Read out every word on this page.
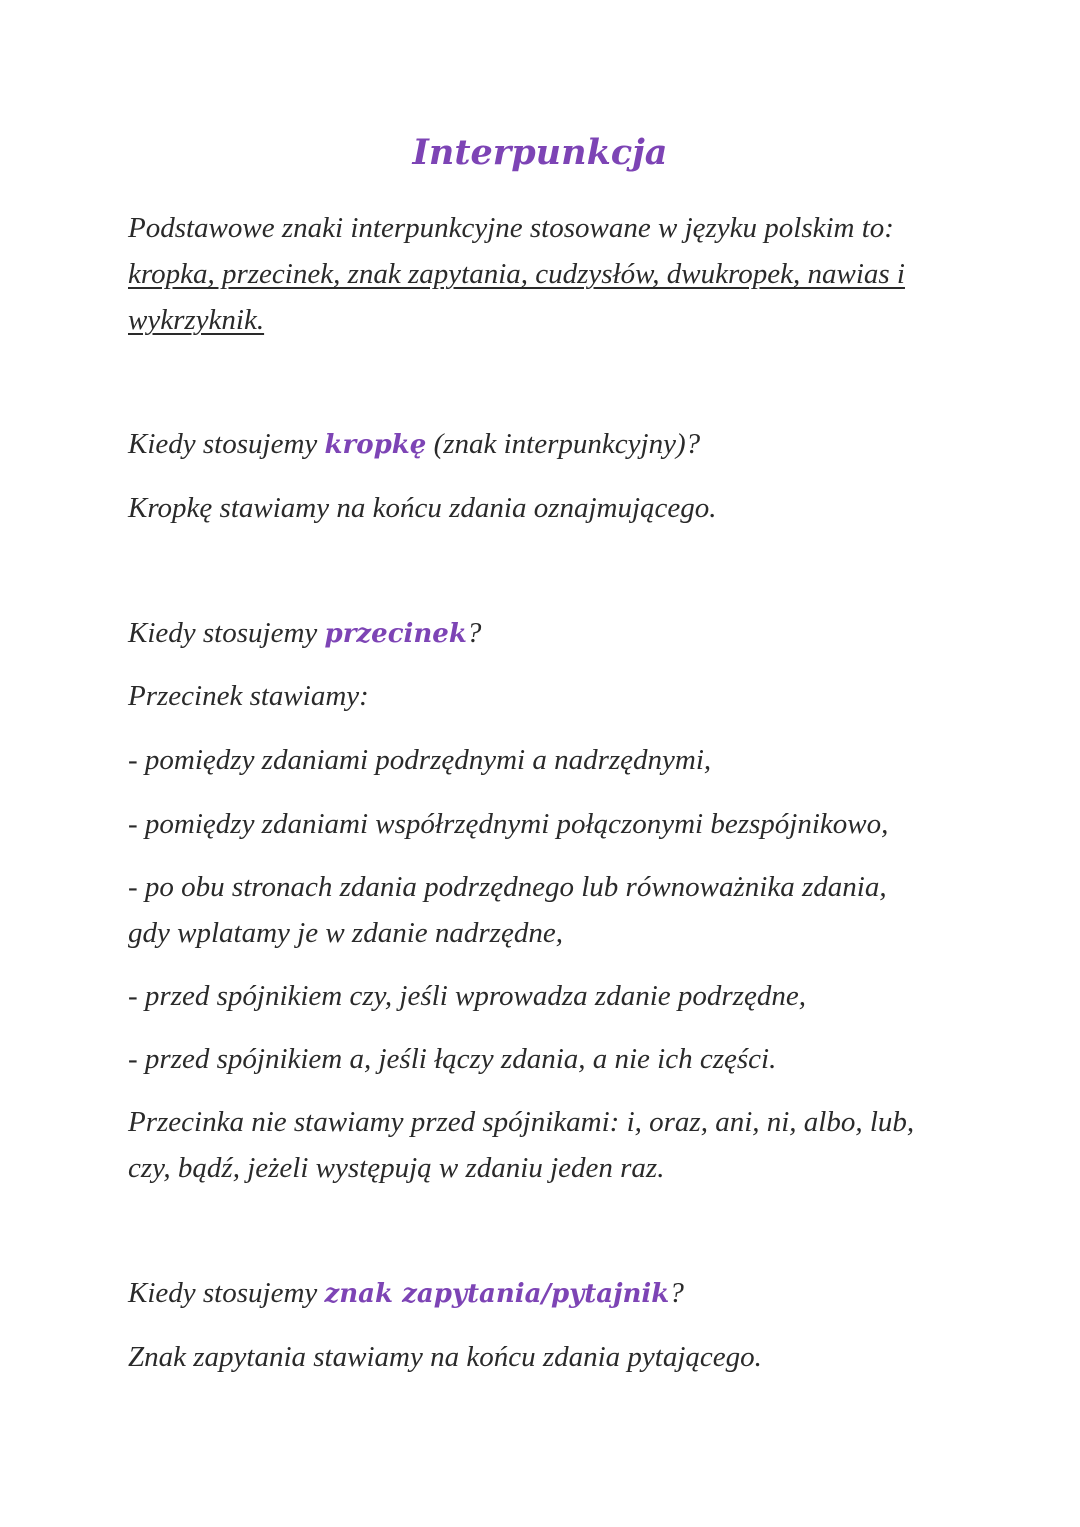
Interpunkcja

Podstawowe znaki interpunkcyjne stosowane w języku polskim to:

kropka, przecinek, znak zapytania, cudzysłów, dwukropek, nawias i

wykrzyknik.

Kiedy stosujemy kropkę (znak interpunkcyjny)?

Kropkę stawiamy na końcu zdania oznajmującego.

Kiedy stosujemy przecinek?

Przecinek stawiamy:

- pomiędzy zdaniami podrzędnymi a nadrzędnymi,

- pomiędzy zdaniami współrzędnymi połączonymi bezspójnikowo,

- po obu stronach zdania podrzędnego lub równoważnika zdania,

gdy wplatamy je w zdanie nadrzędne,

- przed spójnikiem czy, jeśli wprowadza zdanie podrzędne,

- przed spójnikiem a, jeśli łączy zdania, a nie ich części.

Przecinka nie stawiamy przed spójnikami: i, oraz, ani, ni, albo, lub,

czy, bądź, jeżeli występują w zdaniu jeden raz.

Kiedy stosujemy znak zapytania/pytajnik?

Znak zapytania stawiamy na końcu zdania pytającego.
